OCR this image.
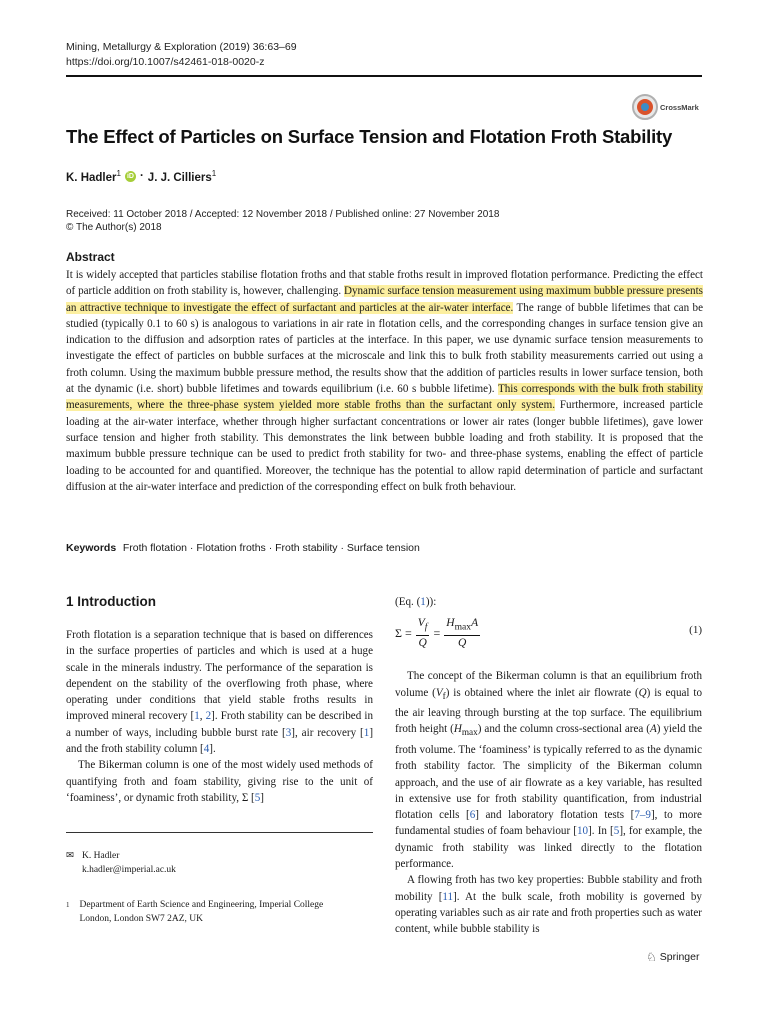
Mining, Metallurgy & Exploration (2019) 36:63–69
https://doi.org/10.1007/s42461-018-0020-z
CrossMark
The Effect of Particles on Surface Tension and Flotation Froth Stability
K. Hadler$^1$ iD · J. J. Cilliers$^1$
Received: 11 October 2018 / Accepted: 12 November 2018 / Published online: 27 November 2018
© The Author(s) 2018
Abstract
It is widely accepted that particles stabilise flotation froths and that stable froths result in improved flotation performance. Predicting the effect of particle addition on froth stability is, however, challenging. Dynamic surface tension measurement using maximum bubble pressure presents an attractive technique to investigate the effect of surfactant and particles at the air-water interface. The range of bubble lifetimes that can be studied (typically 0.1 to 60 s) is analogous to variations in air rate in flotation cells, and the corresponding changes in surface tension give an indication to the diffusion and adsorption rates of particles at the interface. In this paper, we use dynamic surface tension measurements to investigate the effect of particles on bubble surfaces at the microscale and link this to bulk froth stability measurements carried out using a froth column. Using the maximum bubble pressure method, the results show that the addition of particles results in lower surface tension, both at the dynamic (i.e. short) bubble lifetimes and towards equilibrium (i.e. 60 s bubble lifetime). This corresponds with the bulk froth stability measurements, where the three-phase system yielded more stable froths than the surfactant only system. Furthermore, increased particle loading at the air-water interface, whether through higher surfactant concentrations or lower air rates (longer bubble lifetimes), gave lower surface tension and higher froth stability. This demonstrates the link between bubble loading and froth stability. It is proposed that the maximum bubble pressure technique can be used to predict froth stability for two- and three-phase systems, enabling the effect of particle loading to be accounted for and quantified. Moreover, the technique has the potential to allow rapid determination of particle and surfactant diffusion at the air-water interface and prediction of the corresponding effect on bulk froth behaviour.
Keywords Froth flotation · Flotation froths · Froth stability · Surface tension
1 Introduction
Froth flotation is a separation technique that is based on differences in the surface properties of particles and which is used at a huge scale in the minerals industry. The performance of the separation is dependent on the stability of the overflowing froth phase, where operating under conditions that yield stable froths results in improved mineral recovery [1, 2]. Froth stability can be described in a number of ways, including bubble burst rate [3], air recovery [1] and the froth stability column [4].
The Bikerman column is one of the most widely used methods of quantifying froth and foam stability, giving rise to the unit of ‘foaminess’, or dynamic froth stability, Σ [5]
✉ K. Hadler
k.hadler@imperial.ac.uk
1 Department of Earth Science and Engineering, Imperial College
London, London SW7 2AZ, UK
(Eq. (1)):
$\Sigma = \frac{V_f}{Q} = \frac{H_{max}A}{Q}$	(1)
The concept of the Bikerman column is that an equilibrium froth volume $(V_f)$ is obtained where the inlet air flowrate (Q) is equal to the air leaving through bursting at the top surface. The equilibrium froth height $(H_{max})$ and the column cross-sectional area (A) yield the froth volume. The ‘foaminess’ is typically referred to as the dynamic froth stability factor. The simplicity of the Bikerman column approach, and the use of air flowrate as a key variable, has resulted in extensive use for froth stability quantification, from industrial flotation cells [6] and laboratory flotation tests [7–9], to more fundamental studies of foam behaviour [10]. In [5], for example, the dynamic froth stability was linked directly to the flotation performance.
A flowing froth has two key properties: Bubble stability and froth mobility [11]. At the bulk scale, froth mobility is governed by operating variables such as air rate and froth properties such as water content, while bubble stability is
♘ Springer
